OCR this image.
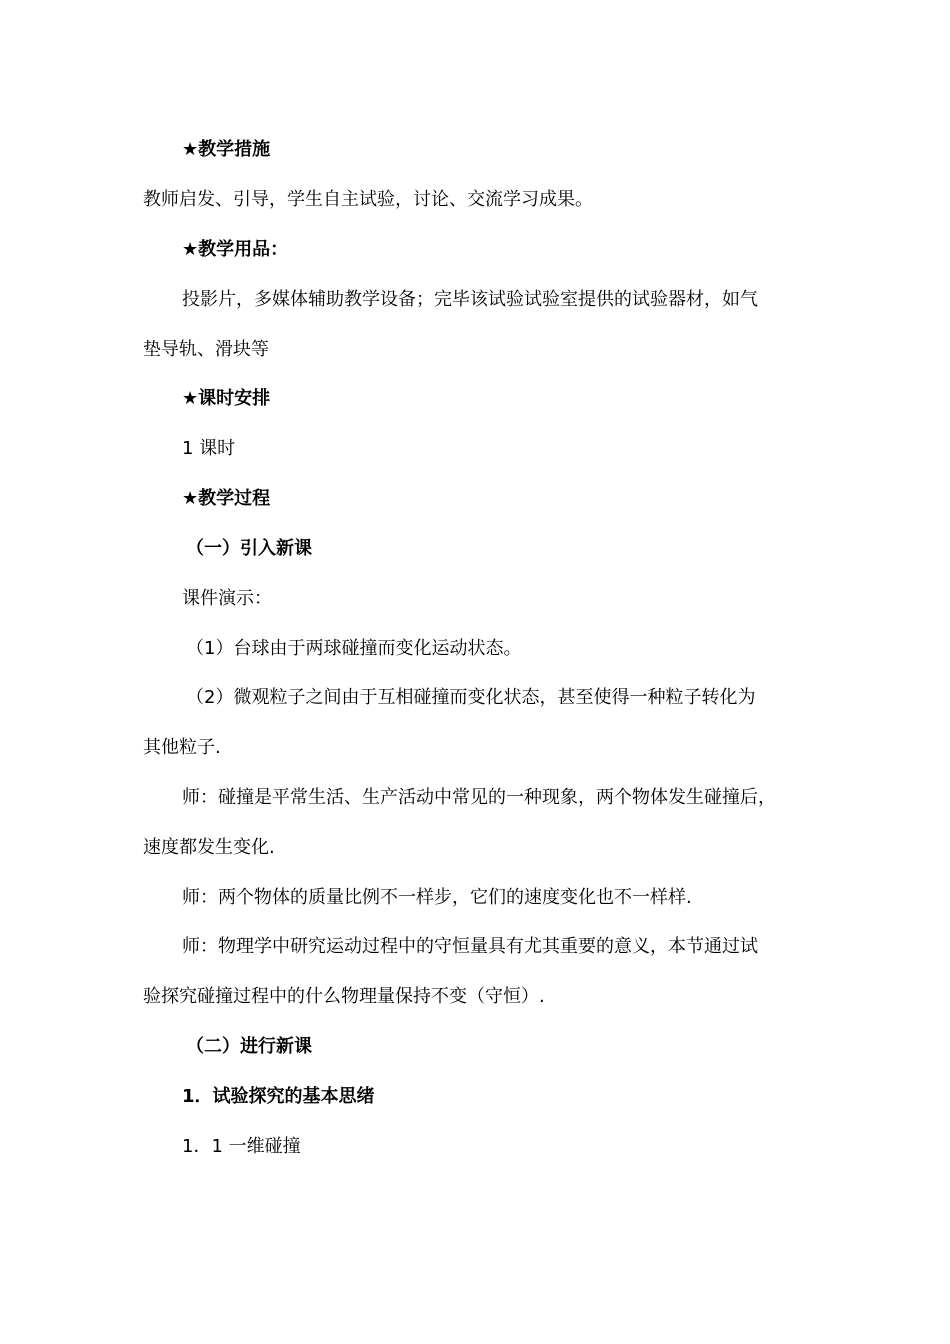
★教学措施
教师启发、引导，学生自主试验，讨论、交流学习成果。
★教学用品：
投影片，多媒体辅助教学设备；完毕该试验试验室提供的试验器材，如气
垫导轨、滑块等
★课时安排
1 课时
★教学过程
（一）引入新课
课件演示：
（1）台球由于两球碰撞而变化运动状态。
（2）微观粒子之间由于互相碰撞而变化状态，甚至使得一种粒子转化为
其他粒子.
师：碰撞是平常生活、生产活动中常见的一种现象，两个物体发生碰撞后，
速度都发生变化.
师：两个物体的质量比例不一样步，它们的速度变化也不一样样.
师：物理学中研究运动过程中的守恒量具有尤其重要的意义，本节通过试
验探究碰撞过程中的什么物理量保持不变（守恒）.
（二）进行新课
1．试验探究的基本思绪
1．1 一维碰撞
